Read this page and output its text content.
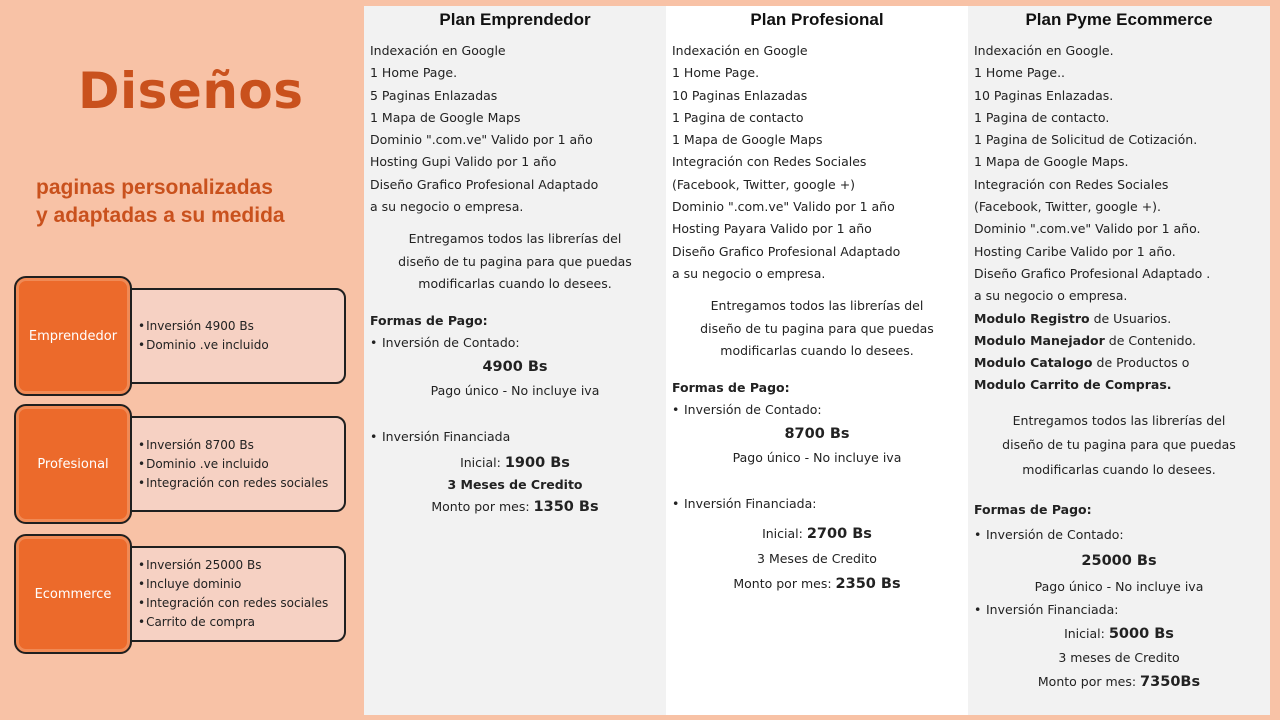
Diseños
paginas personalizadas
y adaptadas a su medida
• Inversión 4900 Bs
• Dominio .ve incluido
Emprendedor
• Inversión 8700 Bs
• Dominio .ve incluido
• Integración con redes sociales
Profesional
• Inversión 25000 Bs
• Incluye dominio
• Integración con redes sociales
• Carrito de compra
Ecommerce
Plan Emprendedor
Indexación en Google
1 Home Page.
5 Paginas Enlazadas
1 Mapa de Google Maps
Dominio ".com.ve" Valido por 1 año
Hosting Gupi Valido por 1 año
Diseño Grafico Profesional Adaptado
a su negocio o empresa.
Entregamos todos las librerías del
diseño de tu pagina para que puedas
modificarlas cuando lo desees.
Formas de Pago:
• Inversión de Contado:
4900 Bs
Pago único - No incluye iva
• Inversión Financiada
Inicial: 1900 Bs
3 Meses de Credito
Monto por mes: 1350 Bs
Plan Profesional
Indexación en Google
1 Home Page.
10 Paginas Enlazadas
1 Pagina de contacto
1 Mapa de Google Maps
Integración con Redes Sociales
(Facebook, Twitter, google +)
Dominio ".com.ve" Valido por 1 año
Hosting Payara Valido por 1 año
Diseño Grafico Profesional Adaptado
a su negocio o empresa.
Entregamos todos las librerías del
diseño de tu pagina para que puedas
modificarlas cuando lo desees.
Formas de Pago:
• Inversión de Contado:
8700 Bs
Pago único - No incluye iva
• Inversión Financiada:
Inicial: 2700 Bs
3 Meses de Credito
Monto por mes: 2350 Bs
Plan Pyme Ecommerce
Indexación en Google.
1 Home Page..
10 Paginas Enlazadas.
1 Pagina de contacto.
1 Pagina de Solicitud de Cotización.
1 Mapa de Google Maps.
Integración con Redes Sociales
(Facebook, Twitter, google +).
Dominio ".com.ve" Valido por 1 año.
Hosting Caribe Valido por 1 año.
Diseño Grafico Profesional Adaptado .
a su negocio o empresa.
Modulo Registro de Usuarios.
Modulo Manejador de Contenido.
Modulo Catalogo de Productos o
Modulo Carrito de Compras.
Entregamos todos las librerías del
diseño de tu pagina para que puedas
modificarlas cuando lo desees.
Formas de Pago:
• Inversión de Contado:
25000 Bs
Pago único - No incluye iva
• Inversión Financiada:
Inicial: 5000 Bs
3 meses de Credito
Monto por mes: 7350Bs
